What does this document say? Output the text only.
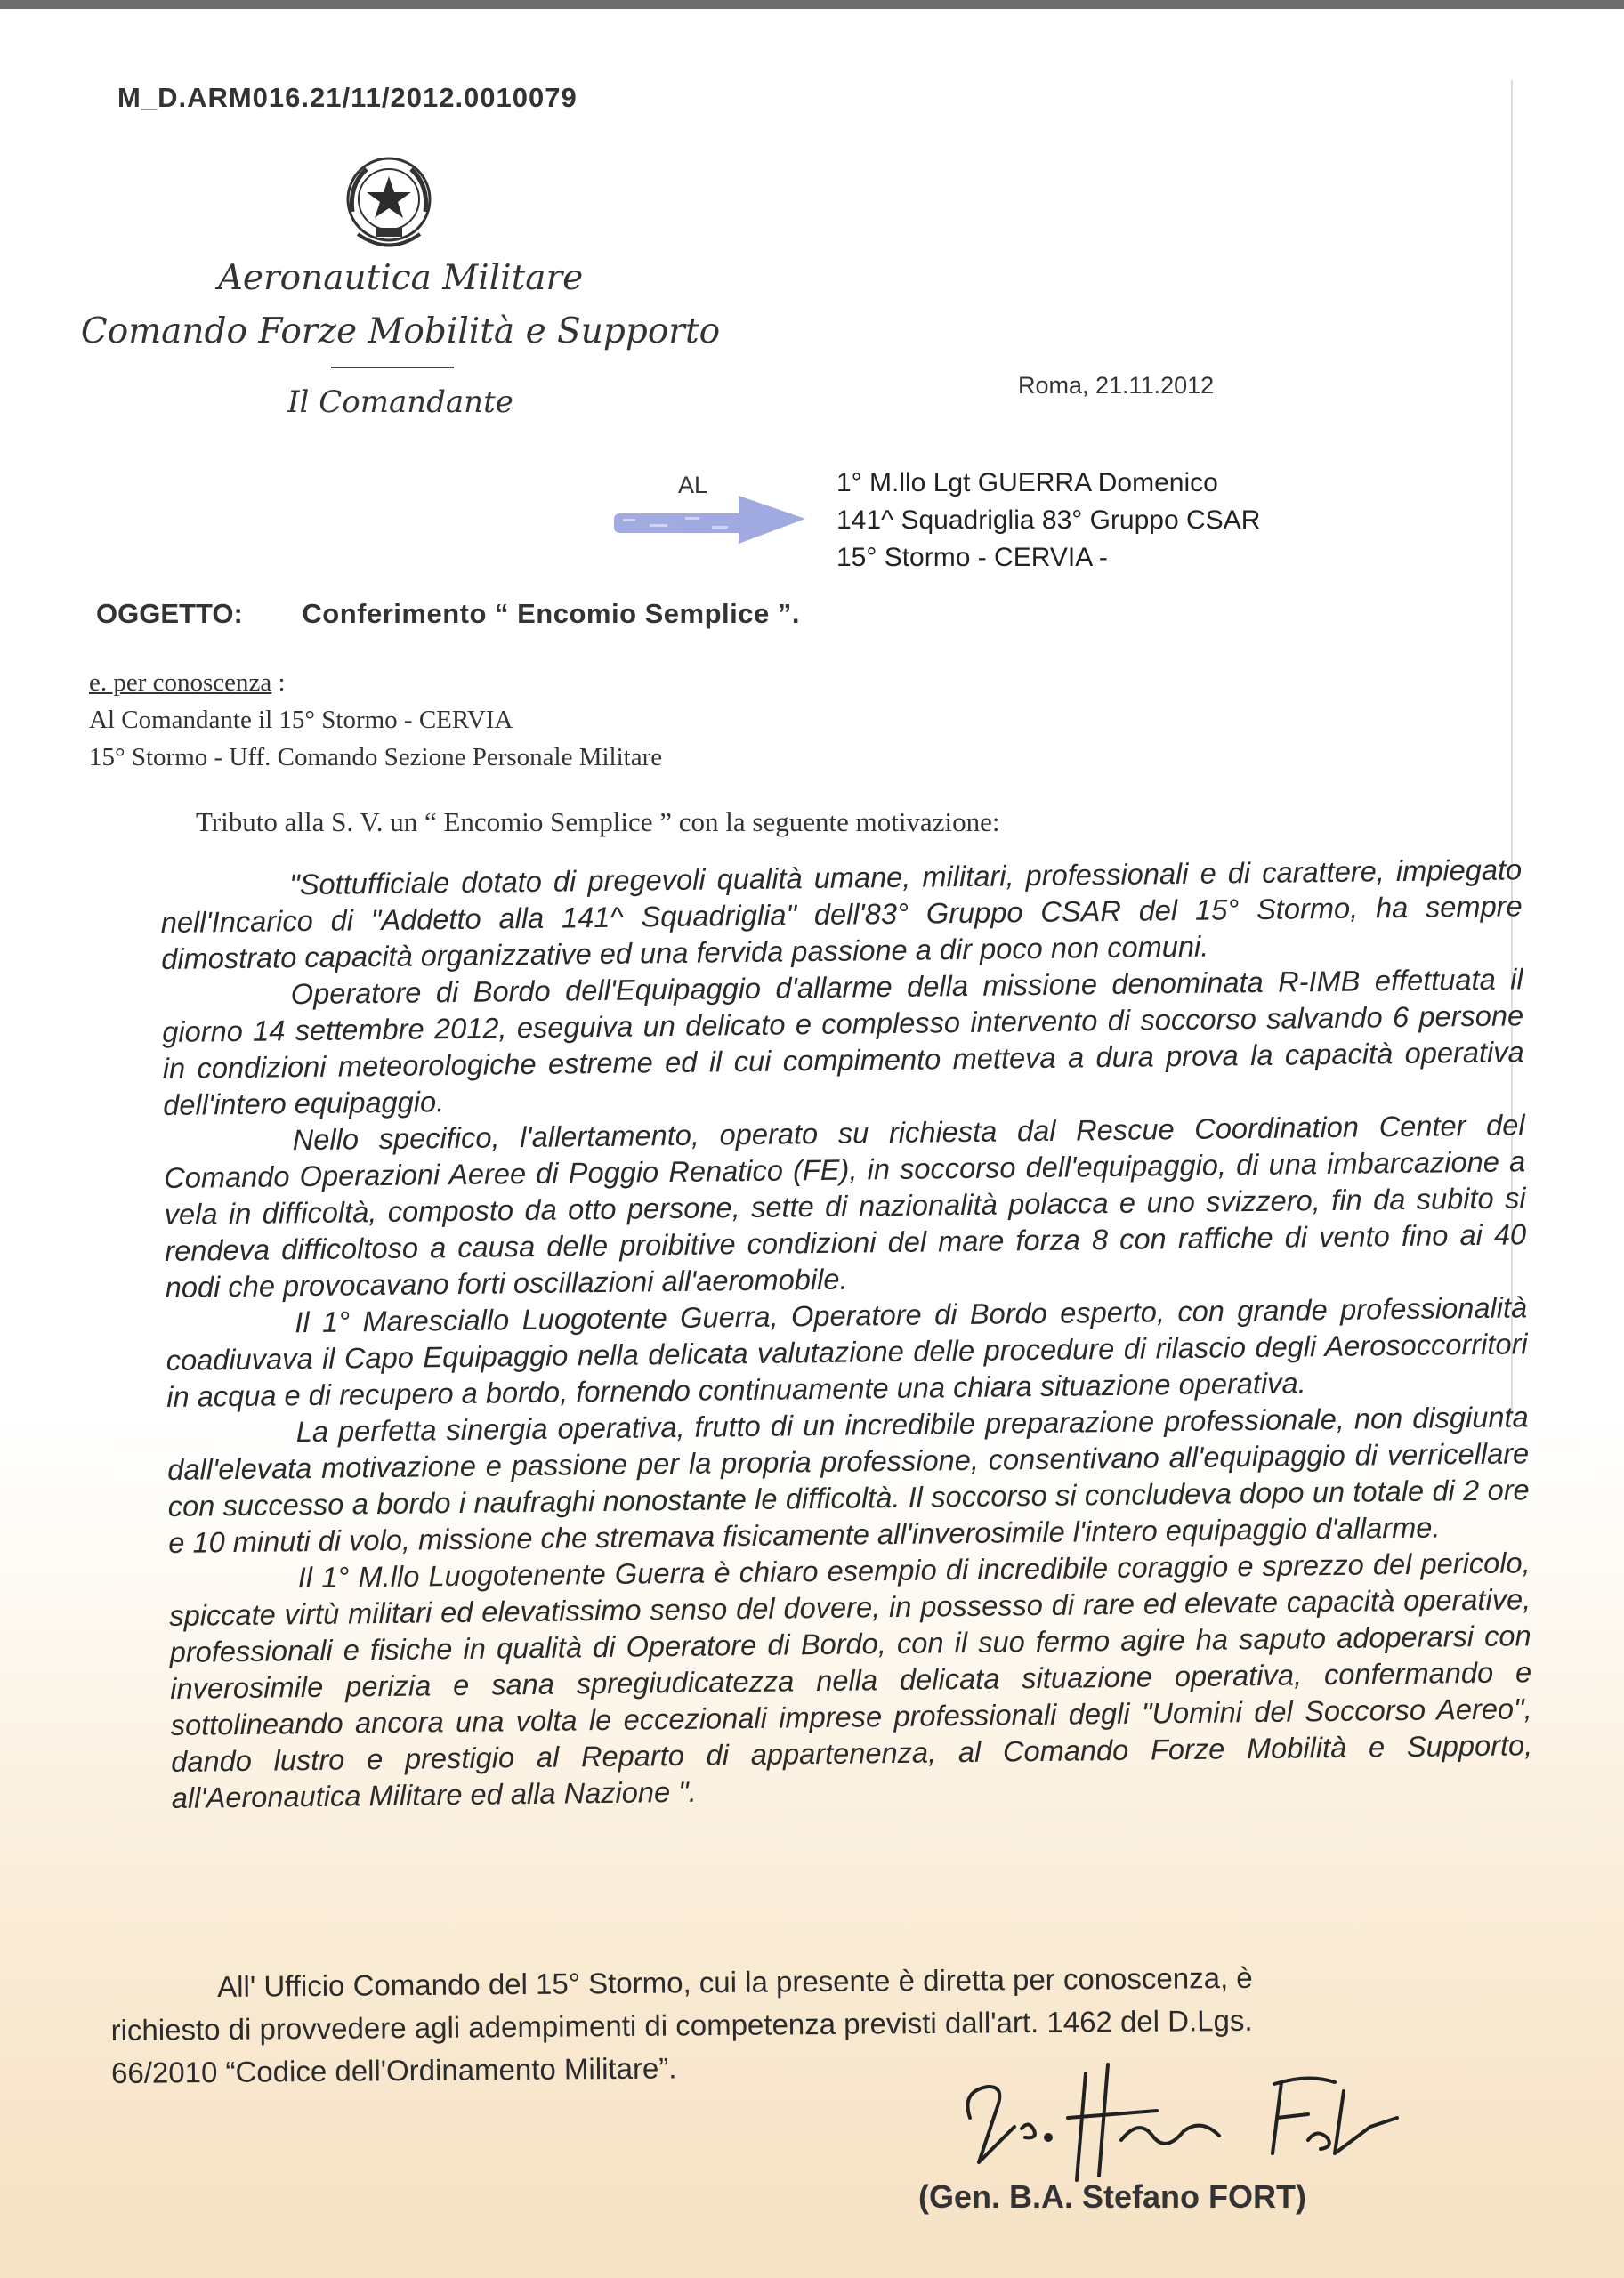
M_D.ARM016.21/11/2012.0010079
Aeronautica Militare
Comando Forze Mobilità e Supporto
Il Comandante	Roma, 21.11.2012
AL	1° M.llo Lgt GUERRA Domenico
141^ Squadriglia 83° Gruppo CSAR
15° Stormo - CERVIA -
OGGETTO: Conferimento “ Encomio Semplice ”.
e. per conoscenza :
Al Comandante il 15° Stormo - CERVIA
15° Stormo - Uff. Comando Sezione Personale Militare
Tributo alla S. V. un “ Encomio Semplice ” con la seguente motivazione:

"Sottufficiale dotato di pregevoli qualità umane, militari, professionali e di carattere, impiegato nell'Incarico di "Addetto alla 141^ Squadriglia" dell'83° Gruppo CSAR del 15° Stormo, ha sempre dimostrato capacità organizzative ed una fervida passione a dir poco non comuni.

Operatore di Bordo dell'Equipaggio d'allarme della missione denominata R-IMB effettuata il giorno 14 settembre 2012, eseguiva un delicato e complesso intervento di soccorso salvando 6 persone in condizioni meteorologiche estreme ed il cui compimento metteva a dura prova la capacità operativa dell'intero equipaggio.

Nello specifico, l'allertamento, operato su richiesta dal Rescue Coordination Center del Comando Operazioni Aeree di Poggio Renatico (FE), in soccorso dell'equipaggio, di una imbarcazione a vela in difficoltà, composto da otto persone, sette di nazionalità polacca e uno svizzero, fin da subito si rendeva difficoltoso a causa delle proibitive condizioni del mare forza 8 con raffiche di vento fino ai 40 nodi che provocavano forti oscillazioni all'aeromobile.

Il 1° Maresciallo Luogotente Guerra, Operatore di Bordo esperto, con grande professionalità coadiuvava il Capo Equipaggio nella delicata valutazione delle procedure di rilascio degli Aerosoccorritori in acqua e di recupero a bordo, fornendo continuamente una chiara situazione operativa.

La perfetta sinergia operativa, frutto di un incredibile preparazione professionale, non disgiunta dall'elevata motivazione e passione per la propria professione, consentivano all'equipaggio di verricellare con successo a bordo i naufraghi nonostante le difficoltà. Il soccorso si concludeva dopo un totale di 2 ore e 10 minuti di volo, missione che stremava fisicamente all'inverosimile l'intero equipaggio d'allarme.

Il 1° M.llo Luogotenente Guerra è chiaro esempio di incredibile coraggio e sprezzo del pericolo, spiccate virtù militari ed elevatissimo senso del dovere, in possesso di rare ed elevate capacità operative, professionali e fisiche in qualità di Operatore di Bordo, con il suo fermo agire ha saputo adoperarsi con inverosimile perizia e sana spregiudicatezza nella delicata situazione operativa, confermando e sottolineando ancora una volta le eccezionali imprese professionali degli "Uomini del Soccorso Aereo", dando lustro e prestigio al Reparto di appartenenza, al Comando Forze Mobilità e Supporto, all'Aeronautica Militare ed alla Nazione ".

All' Ufficio Comando del 15° Stormo, cui la presente è diretta per conoscenza, è
richiesto di provvedere agli adempimenti di competenza previsti dall'art. 1462 del D.Lgs.
66/2010 “Codice dell'Ordinamento Militare”.
(Gen. B.A. Stefano FORT)
